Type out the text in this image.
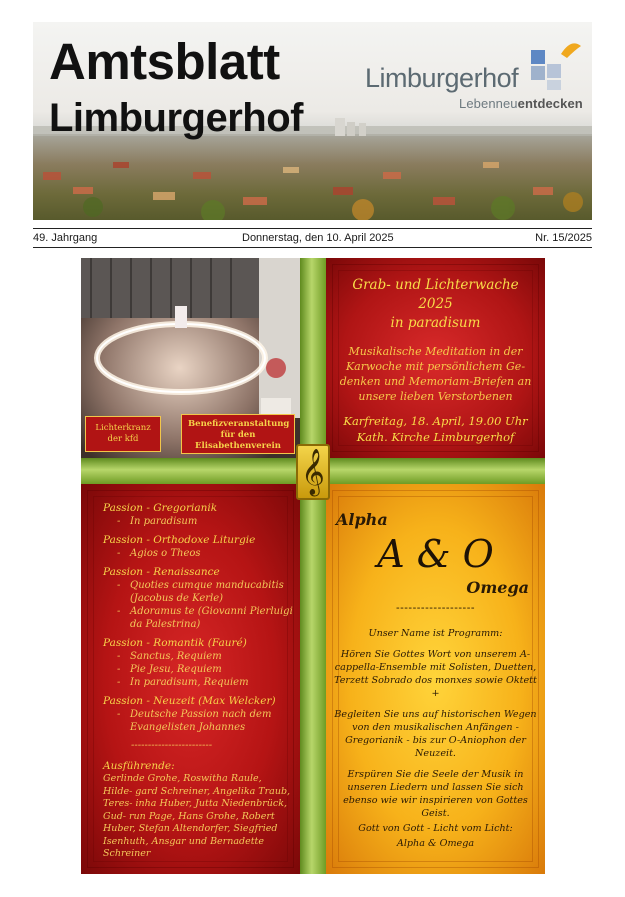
Amtsblatt
Limburgerhof
Limburgerhof
Lebenneuentdecken
49. Jahrgang	Donnerstag, den 10. April 2025	Nr. 15/2025
Lichterkranz der kfd
Benefizveranstaltung für den Elisabethenverein
Grab- und Lichterwache
2025
in paradisum
Musikalische Meditation in der Karwoche mit persönlichem Ge- denken und Memoriam-Briefen an unsere lieben Verstorbenen
Karfreitag, 18. April, 19.00 Uhr
Kath. Kirche Limburgerhof
Passion - Gregorianik
- In paradisum
Passion - Orthodoxe Liturgie
- Agios o Theos
Passion - Renaissance
- Quoties cumque manducabitis (Jacobus de Kerle)
- Adoramus te (Giovanni Pierluigi da Palestrina)
Passion - Romantik (Fauré)
- Sanctus, Requiem
- Pie Jesu, Requiem
- In paradisum, Requiem
Passion - Neuzeit (Max Welcker)
- Deutsche Passion nach dem Evangelisten Johannes
------------------------
Ausführende:
Gerlinde Grohe, Roswitha Raule, Hilde- gard Schreiner, Angelika Traub, Teres- inha Huber, Jutta Niedenbrück, Gud- run Page, Hans Grohe, Robert Huber, Stefan Altendorfer, Siegfried Isenhuth, Ansgar und Bernadette Schreiner
Alpha
A & O
Omega
-------------------

Unser Name ist Programm:

Hören Sie Gottes Wort von unserem A-cappella-Ensemble mit Solisten, Duetten, Terzett Sobrado dos monxes sowie Oktett +

Begleiten Sie uns auf historischen Wegen von den musikalischen Anfängen - Gregorianik - bis zur O-Aniophon der Neuzeit.

Erspüren Sie die Seele der Musik in unseren Liedern und lassen Sie sich ebenso wie wir inspirieren von Gottes Geist.

Gott von Gott - Licht vom Licht:

Alpha & Omega

𝄞
